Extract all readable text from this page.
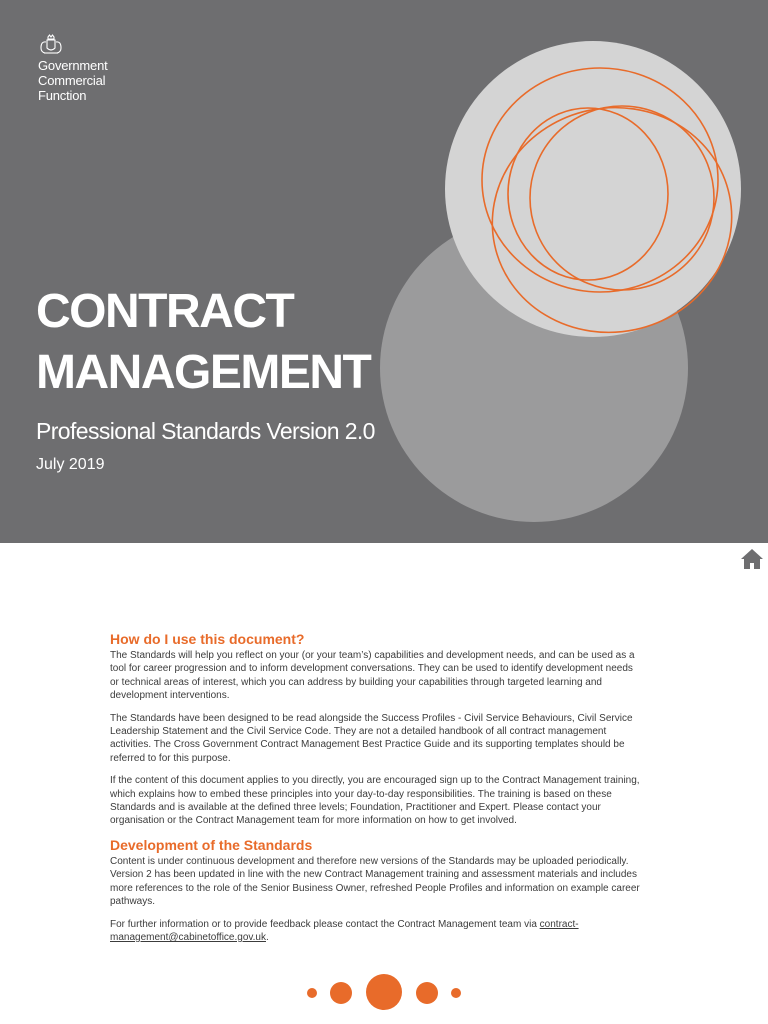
Government
Commercial
Function
CONTRACT
MANAGEMENT
Professional Standards Version 2.0
July 2019
How do I use this document?

The Standards will help you reflect on your (or your team’s) capabilities and development needs, and can be used as a tool for career progression and to inform development conversations. They can be used to identify development needs or technical areas of interest, which you can address by building your capabilities through targeted learning and development interventions.

The Standards have been designed to be read alongside the Success Profiles - Civil Service Behaviours, Civil Service Leadership Statement and the Civil Service Code. They are not a detailed handbook of all contract management activities. The Cross Government Contract Management Best Practice Guide and its supporting templates should be referred to for this purpose.

If the content of this document applies to you directly, you are encouraged sign up to the Contract Management training, which explains how to embed these principles into your day-to-day responsibilities. The training is based on these Standards and is available at the defined three levels; Foundation, Practitioner and Expert. Please contact your organisation or the Contract Management team for more information on how to get involved.

Development of the Standards

Content is under continuous development and therefore new versions of the Standards may be uploaded periodically. Version 2 has been updated in line with the new Contract Management training and assessment materials and includes more references to the role of the Senior Business Owner, refreshed People Profiles and information on example career pathways.

For further information or to provide feedback please contact the Contract Management team via contract-management@cabinetoffice.gov.uk.
